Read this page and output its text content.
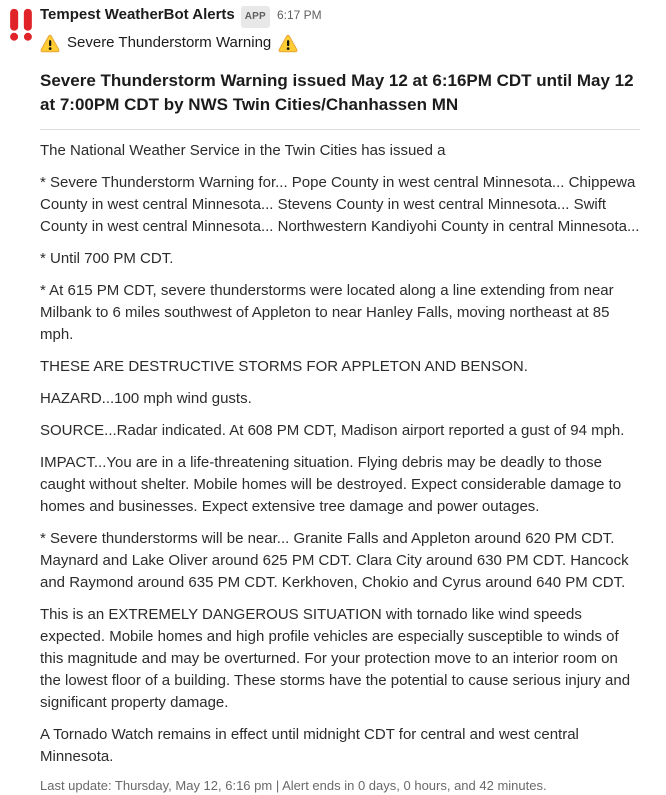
Tempest WeatherBot Alerts	APP 6:17 PM
Severe Thunderstorm Warning
Severe Thunderstorm Warning issued May 12 at 6:16PM CDT until May 12 at 7:00PM CDT by NWS Twin Cities/Chanhassen MN

The National Weather Service in the Twin Cities has issued a

* Severe Thunderstorm Warning for... Pope County in west central Minnesota... Chippewa County in west central Minnesota... Stevens County in west central Minnesota... Swift County in west central Minnesota... Northwestern Kandiyohi County in central Minnesota...

* Until 700 PM CDT.

* At 615 PM CDT, severe thunderstorms were located along a line extending from near Milbank to 6 miles southwest of Appleton to near Hanley Falls, moving northeast at 85 mph.

THESE ARE DESTRUCTIVE STORMS FOR APPLETON AND BENSON.

HAZARD...100 mph wind gusts.

SOURCE...Radar indicated. At 608 PM CDT, Madison airport reported a gust of 94 mph.

IMPACT...You are in a life-threatening situation. Flying debris may be deadly to those caught without shelter. Mobile homes will be destroyed. Expect considerable damage to homes and businesses. Expect extensive tree damage and power outages.

* Severe thunderstorms will be near... Granite Falls and Appleton around 620 PM CDT. Maynard and Lake Oliver around 625 PM CDT. Clara City around 630 PM CDT. Hancock and Raymond around 635 PM CDT. Kerkhoven, Chokio and Cyrus around 640 PM CDT.

This is an EXTREMELY DANGEROUS SITUATION with tornado like wind speeds expected. Mobile homes and high profile vehicles are especially susceptible to winds of this magnitude and may be overturned. For your protection move to an interior room on the lowest floor of a building. These storms have the potential to cause serious injury and significant property damage.

A Tornado Watch remains in effect until midnight CDT for central and west central Minnesota.

Last update: Thursday, May 12, 6:16 pm | Alert ends in 0 days, 0 hours, and 42 minutes.
